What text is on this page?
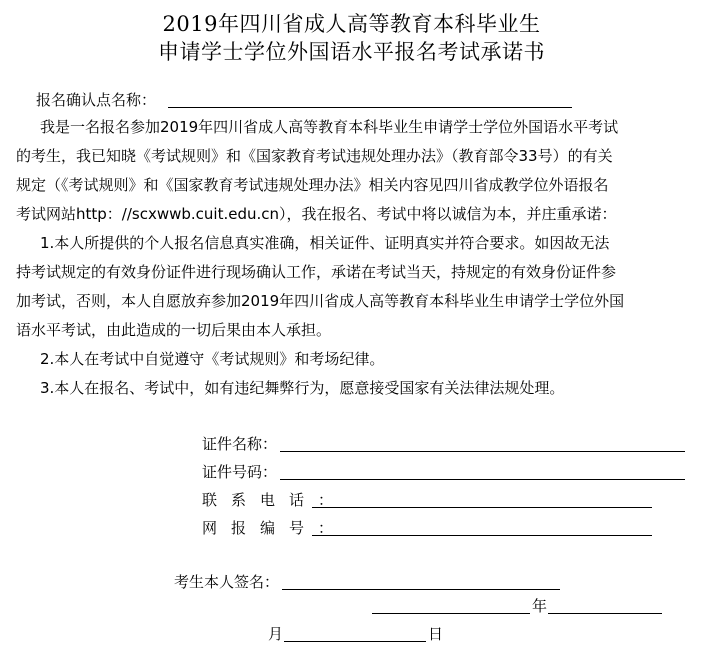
2019年四川省成人高等教育本科毕业生
申请学士学位外国语水平报名考试承诺书
报名确认点名称：
我是一名报名参加2019年四川省成人高等教育本科毕业生申请学士学位外国语水平考试
的考生，我已知晓《考试规则》和《国家教育考试违规处理办法》（教育部令33号）的有关
规定（《考试规则》和《国家教育考试违规处理办法》相关内容见四川省成教学位外语报名
考试网站http：//scxwwb.cuit.edu.cn），我在报名、考试中将以诚信为本，并庄重承诺：
1.本人所提供的个人报名信息真实准确，相关证件、证明真实并符合要求。如因故无法
持考试规定的有效身份证件进行现场确认工作，承诺在考试当天，持规定的有效身份证件参
加考试，否则，本人自愿放弃参加2019年四川省成人高等教育本科毕业生申请学士学位外国
语水平考试，由此造成的一切后果由本人承担。
2.本人在考试中自觉遵守《考试规则》和考场纪律。
3.本人在报名、考试中，如有违纪舞弊行为，愿意接受国家有关法律法规处理。
证件名称：
证件号码：
联系电话：
网报编号：
考生本人签名：
年
月	日
